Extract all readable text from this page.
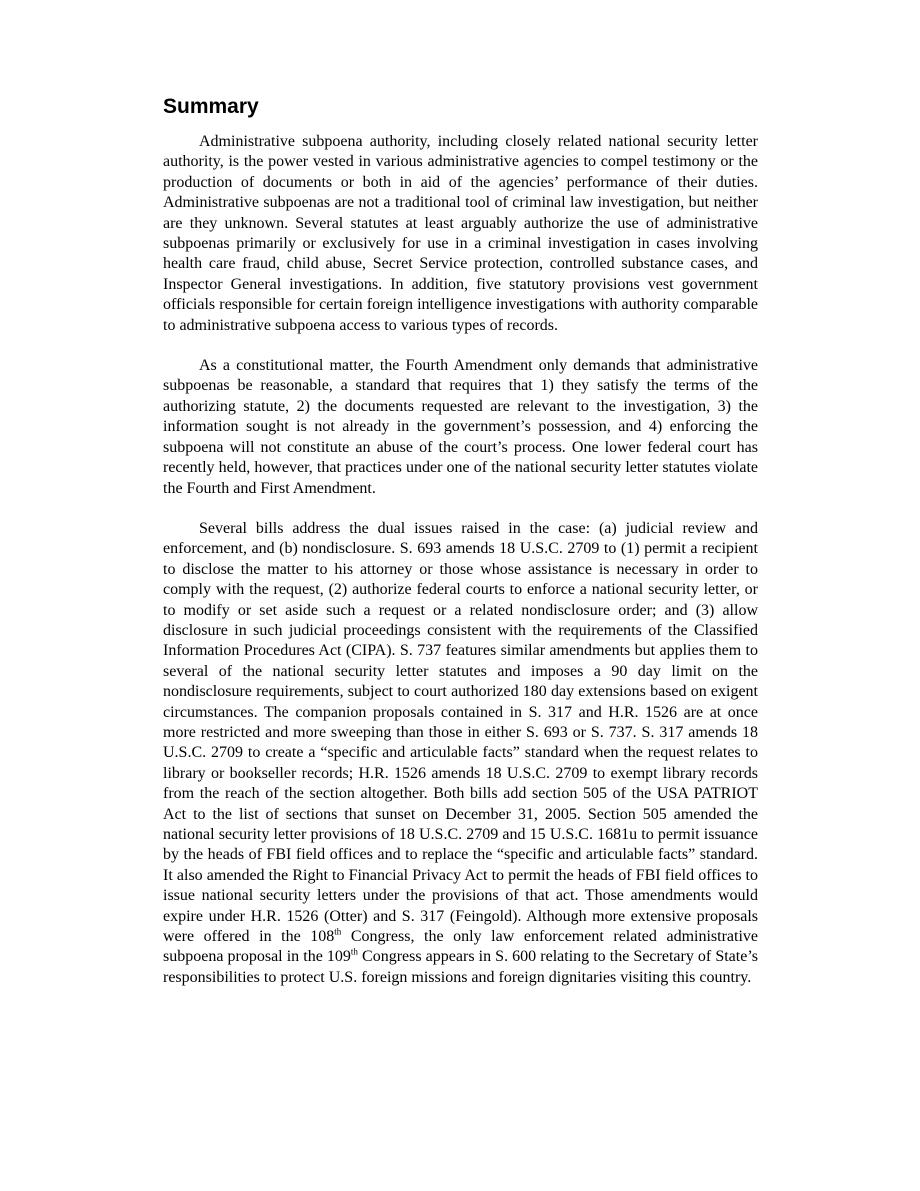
Summary

Administrative subpoena authority, including closely related national security letter authority, is the power vested in various administrative agencies to compel testimony or the production of documents or both in aid of the agencies’ performance of their duties. Administrative subpoenas are not a traditional tool of criminal law investigation, but neither are they unknown. Several statutes at least arguably authorize the use of administrative subpoenas primarily or exclusively for use in a criminal investigation in cases involving health care fraud, child abuse, Secret Service protection, controlled substance cases, and Inspector General investigations. In addition, five statutory provisions vest government officials responsible for certain foreign intelligence investigations with authority comparable to administrative subpoena access to various types of records.

As a constitutional matter, the Fourth Amendment only demands that administrative subpoenas be reasonable, a standard that requires that 1) they satisfy the terms of the authorizing statute, 2) the documents requested are relevant to the investigation, 3) the information sought is not already in the government’s possession, and 4) enforcing the subpoena will not constitute an abuse of the court’s process. One lower federal court has recently held, however, that practices under one of the national security letter statutes violate the Fourth and First Amendment.

Several bills address the dual issues raised in the case: (a) judicial review and enforcement, and (b) nondisclosure. S. 693 amends 18 U.S.C. 2709 to (1) permit a recipient to disclose the matter to his attorney or those whose assistance is necessary in order to comply with the request, (2) authorize federal courts to enforce a national security letter, or to modify or set aside such a request or a related nondisclosure order; and (3) allow disclosure in such judicial proceedings consistent with the requirements of the Classified Information Procedures Act (CIPA). S. 737 features similar amendments but applies them to several of the national security letter statutes and imposes a 90 day limit on the nondisclosure requirements, subject to court authorized 180 day extensions based on exigent circumstances. The companion proposals contained in S. 317 and H.R. 1526 are at once more restricted and more sweeping than those in either S. 693 or S. 737. S. 317 amends 18 U.S.C. 2709 to create a “specific and articulable facts” standard when the request relates to library or bookseller records; H.R. 1526 amends 18 U.S.C. 2709 to exempt library records from the reach of the section altogether. Both bills add section 505 of the USA PATRIOT Act to the list of sections that sunset on December 31, 2005. Section 505 amended the national security letter provisions of 18 U.S.C. 2709 and 15 U.S.C. 1681u to permit issuance by the heads of FBI field offices and to replace the “specific and articulable facts” standard. It also amended the Right to Financial Privacy Act to permit the heads of FBI field offices to issue national security letters under the provisions of that act. Those amendments would expire under H.R. 1526 (Otter) and S. 317 (Feingold). Although more extensive proposals were offered in the 108th Congress, the only law enforcement related administrative subpoena proposal in the 109th Congress appears in S. 600 relating to the Secretary of State’s responsibilities to protect U.S. foreign missions and foreign dignitaries visiting this country.
